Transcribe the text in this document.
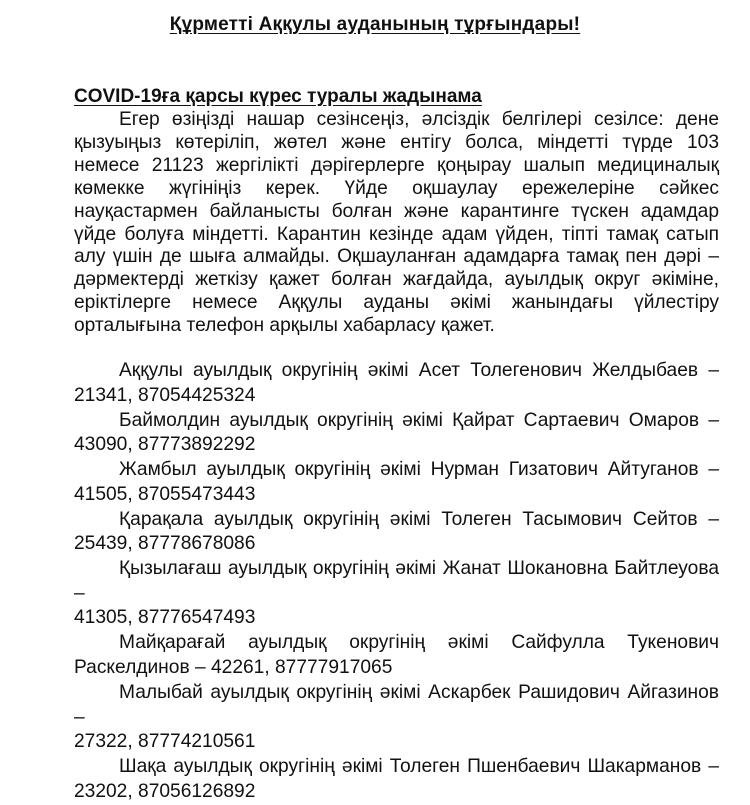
Құрметті Аққулы ауданының тұрғындары!
COVID-19ға қарсы күрес туралы жадынама

Егер өзіңізді нашар сезінсеңіз, әлсіздік белгілері сезілсе: дене қызуыңыз көтеріліп, жөтел және ентігу болса, міндетті түрде 103 немесе 21123 жергілікті дәрігерлерге қоңырау шалып медициналық көмекке жүгініңіз керек. Үйде оқшаулау ережелеріне сәйкес науқастармен байланысты болған және карантинге түскен адамдар үйде болуға міндетті. Карантин кезінде адам үйден, тіпті тамақ сатып алу үшін де шыға алмайды. Оқшауланған адамдарға тамақ пен дәрі – дәрмектерді жеткізу қажет болған жағдайда, ауылдық округ әкіміне, еріктілерге немесе Аққулы ауданы әкімі жанындағы үйлестіру орталығына телефон арқылы хабарласу қажет.

Аққулы ауылдық округінің әкімі Асет Толегенович Желдыбаев –
21341, 87054425324
Баймолдин ауылдық округінің әкімі Қайрат Сартаевич Омаров –
43090, 87773892292
Жамбыл ауылдық округінің әкімі Нурман Гизатович Айтуганов –
41505, 87055473443
Қарақала ауылдық округінің әкімі Толеген Тасымович Сейтов –
25439, 87778678086
Қызылағаш ауылдық округінің әкімі Жанат Шокановна Байтлеуова –
41305, 87776547493
Майқарағай ауылдық округінің әкімі Сайфулла Тукенович
Раскелдинов – 42261, 87777917065
Малыбай ауылдық округінің әкімі Аскарбек Рашидович Айгазинов –
27322, 87774210561
Шақа ауылдық округінің әкімі Толеген Пшенбаевич Шакарманов –
23202, 87056126892
